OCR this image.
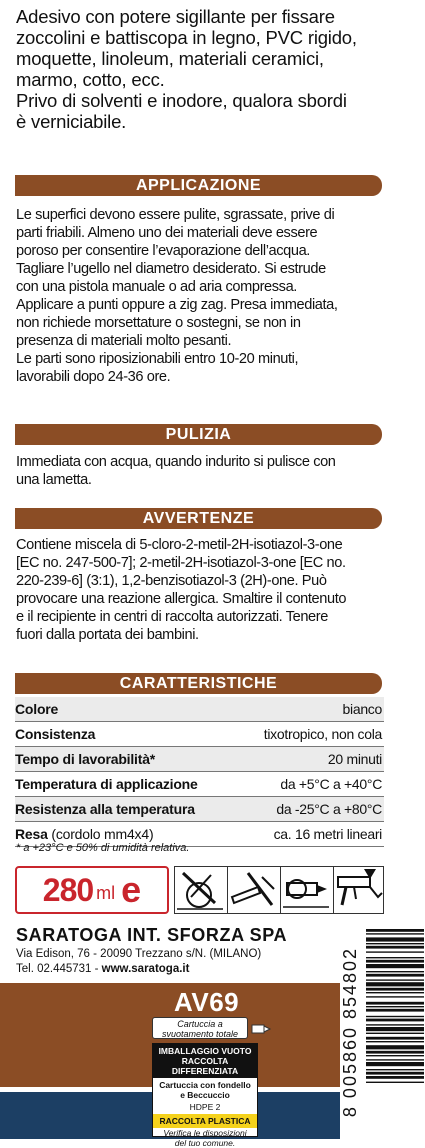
Adesivo con potere sigillante per fissare
zoccolini e battiscopa in legno, PVC rigido,
moquette, linoleum, materiali ceramici,
marmo, cotto, ecc.
Privo di solventi e inodore, qualora sbordi
è verniciabile.
APPLICAZIONE
Le superfici devono essere pulite, sgrassate, prive di
parti friabili. Almeno uno dei materiali deve essere
poroso per consentire l’evaporazione dell’acqua.
Tagliare l’ugello nel diametro desiderato. Si estrude
con una pistola manuale o ad aria compressa.
Applicare a punti oppure a zig zag. Presa immediata,
non richiede morsettature o sostegni, se non in
presenza di materiali molto pesanti.
Le parti sono riposizionabili entro 10-20 minuti,
lavorabili dopo 24-36 ore.
PULIZIA
Immediata con acqua, quando indurito si pulisce con
una lametta.
AVVERTENZE
Contiene miscela di 5-cloro-2-metil-2H-isotiazol-3-one
[EC no. 247-500-7]; 2-metil-2H-isotiazol-3-one [EC no.
220-239-6] (3:1), 1,2-benzisotiazol-3 (2H)-one. Può
provocare una reazione allergica. Smaltire il contenuto
e il recipiente in centri di raccolta autorizzati. Tenere
fuori dalla portata dei bambini.
CARATTERISTICHE
Colore	bianco
Consistenza	tixotropico, non cola
Tempo di lavorabilità*	20 minuti
Temperatura di applicazione	da +5°C a +40°C
Resistenza alla temperatura	da -25°C a +80°C
Resa (cordolo mm4x4)	ca. 16 metri lineari
* a +23°C e 50% di umidità relativa.
280 ml e
SARATOGA INT. SFORZA SPA
Via Edison, 76 - 20090 Trezzano s/N. (MILANO)
Tel. 02.445731 - www.saratoga.it
AV69
Cartuccia a
svuotamento totale
IMBALLAGGIO VUOTO
RACCOLTA DIFFERENZIATA
Cartuccia con fondello
e Beccuccio
HDPE 2
RACCOLTA PLASTICA
Verifica le disposizioni
del tuo comune.
8 005860 854802
